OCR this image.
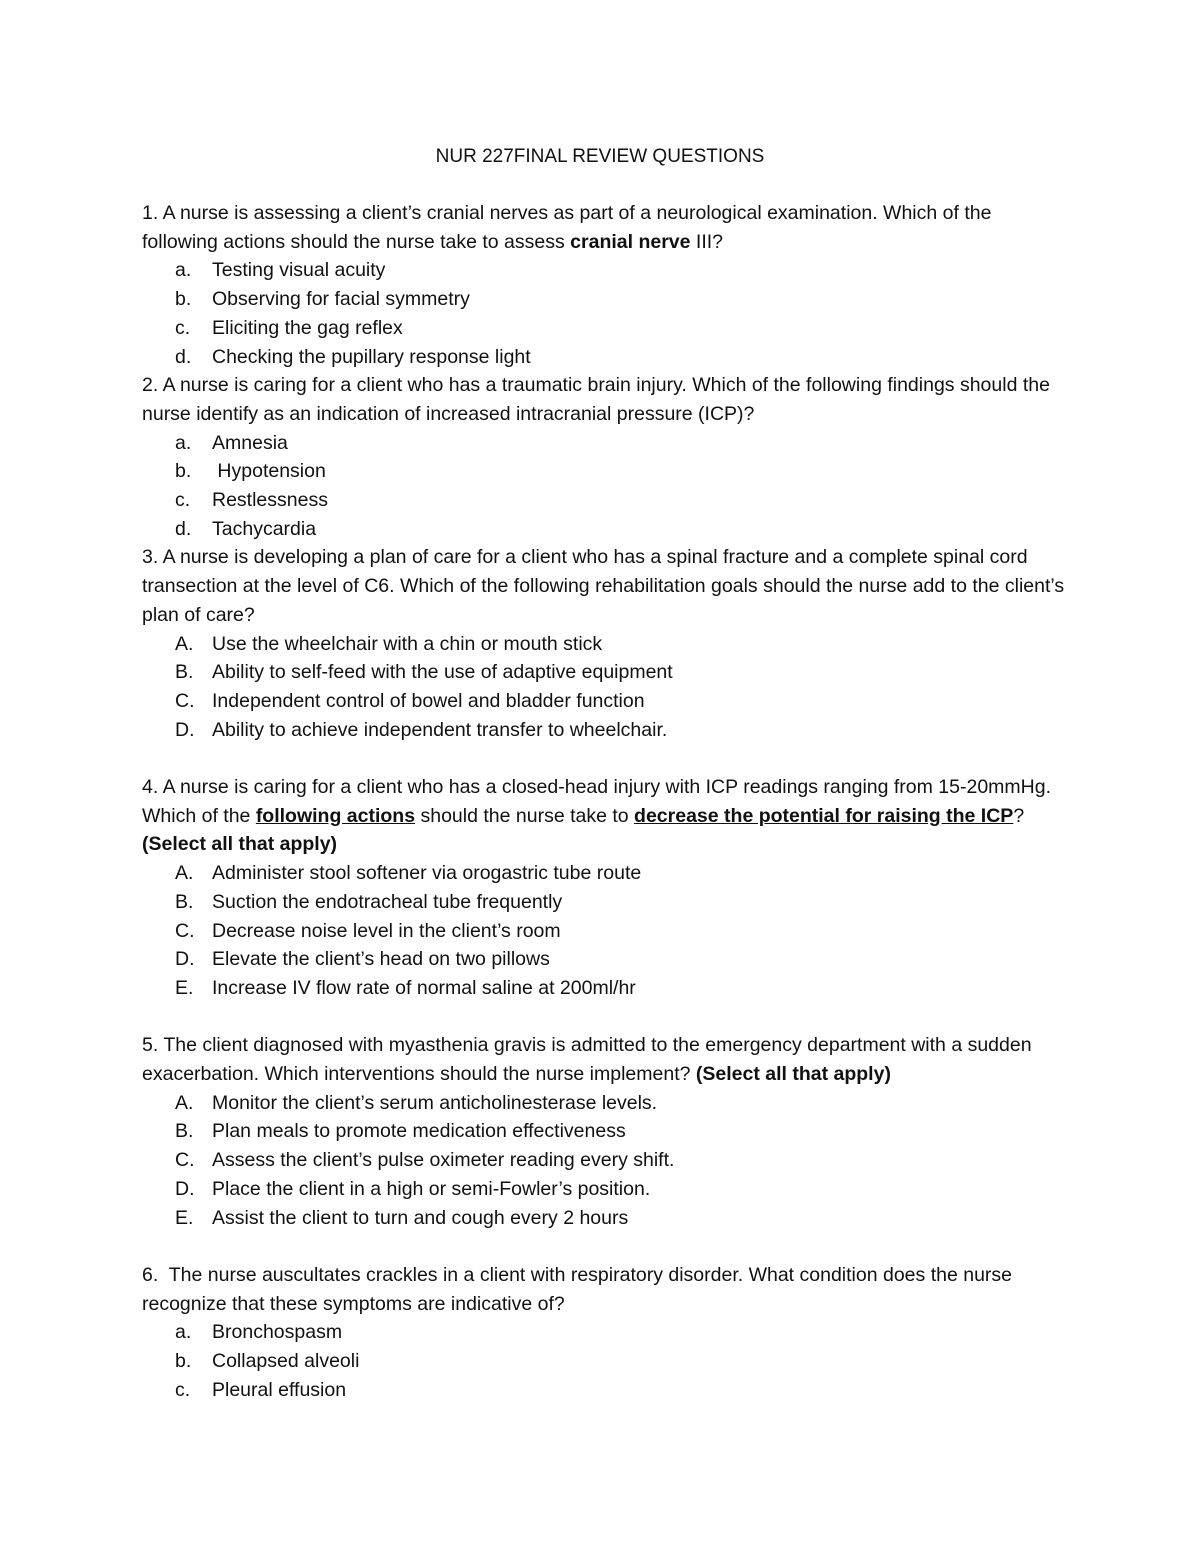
NUR 227FINAL REVIEW QUESTIONS

1. A nurse is assessing a client’s cranial nerves as part of a neurological examination. Which of the following actions should the nurse take to assess cranial nerve III?

a. Testing visual acuity
b. Observing for facial symmetry
c. Eliciting the gag reflex
d. Checking the pupillary response light

2. A nurse is caring for a client who has a traumatic brain injury. Which of the following findings should the nurse identify as an indication of increased intracranial pressure (ICP)?

a. Amnesia
b. Hypotension
c. Restlessness
d. Tachycardia

3. A nurse is developing a plan of care for a client who has a spinal fracture and a complete spinal cord transection at the level of C6. Which of the following rehabilitation goals should the nurse add to the client’s plan of care?

A. Use the wheelchair with a chin or mouth stick
B. Ability to self-feed with the use of adaptive equipment
C. Independent control of bowel and bladder function
D. Ability to achieve independent transfer to wheelchair.

4. A nurse is caring for a client who has a closed-head injury with ICP readings ranging from 15-20mmHg. Which of the following actions should the nurse take to decrease the potential for raising the ICP? (Select all that apply)

A. Administer stool softener via orogastric tube route
B. Suction the endotracheal tube frequently
C. Decrease noise level in the client’s room
D. Elevate the client’s head on two pillows
E. Increase IV flow rate of normal saline at 200ml/hr

5. The client diagnosed with myasthenia gravis is admitted to the emergency department with a sudden exacerbation. Which interventions should the nurse implement? (Select all that apply)

A. Monitor the client’s serum anticholinesterase levels.
B. Plan meals to promote medication effectiveness
C. Assess the client’s pulse oximeter reading every shift.
D. Place the client in a high or semi-Fowler’s position.
E. Assist the client to turn and cough every 2 hours

6.  The nurse auscultates crackles in a client with respiratory disorder. What condition does the nurse recognize that these symptoms are indicative of?

a. Bronchospasm
b. Collapsed alveoli
c. Pleural effusion
